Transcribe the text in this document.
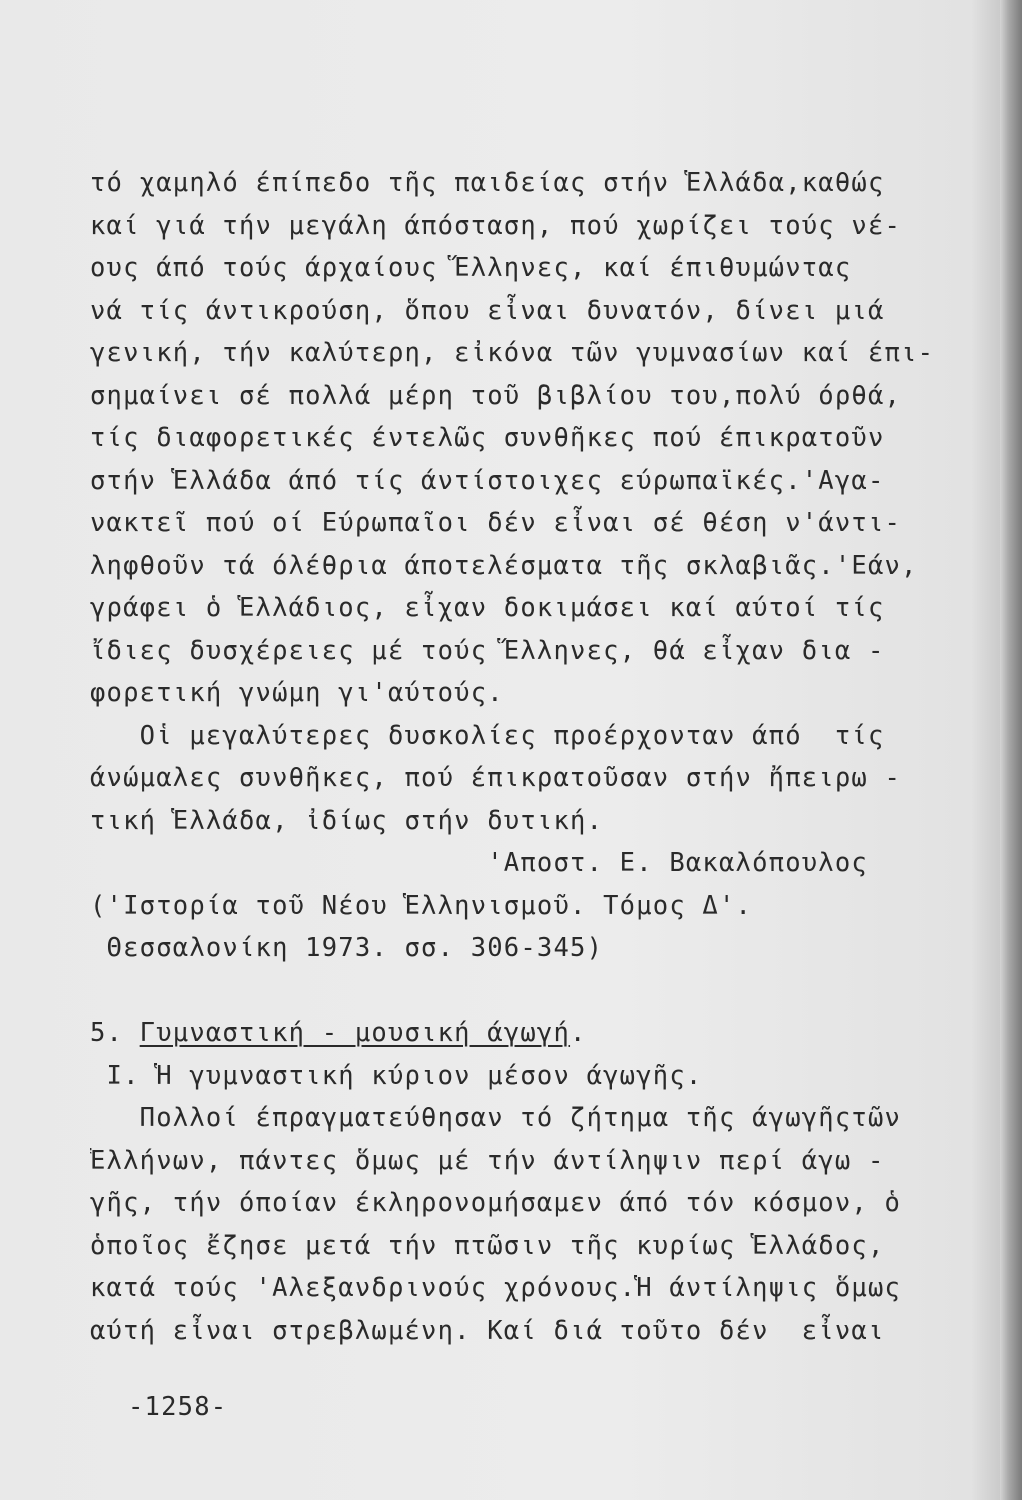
τό χαμηλό έπίπεδο τῆς παιδείας στήν Ἑλλάδα,καθώς
καί γιά τήν μεγάλη άπόσταση, πού χωρίζει τούς νέ-
ους άπό τούς άρχαίους Ἕλληνες, καί έπιθυμώντας
νά τίς άντικρούση, ὅπου εἶναι δυνατόν, δίνει μιά
γενική, τήν καλύτερη, εἰκόνα τῶν γυμνασίων καί έπι-
σημαίνει σέ πολλά μέρη τοῦ βιβλίου του,πολύ όρθά,
τίς διαφορετικές έντελῶς συνθῆκες πού έπικρατοῦν
στήν Ἑλλάδα άπό τίς άντίστοιχες εύρωπαϊκές.'Αγα-
νακτεῖ πού οί Εύρωπαῖοι δέν εἶναι σέ θέση ν'άντι-
ληφθοῦν τά όλέθρια άποτελέσματα τῆς σκλαβιᾶς.'Εάν,
γράφει ὁ Ἑλλάδιος, εἶχαν δοκιμάσει καί αύτοί τίς
ἴδιες δυσχέρειες μέ τούς Ἕλληνες, θά εἶχαν δια -
φορετική γνώμη γι'αύτούς.
Οἱ μεγαλύτερες δυσκολίες προέρχονταν άπό  τίς
άνώμαλες συνθῆκες, πού έπικρατοῦσαν στήν ἤπειρω -
τική Ἑλλάδα, ἰδίως στήν δυτική.
'Αποστ. Ε. Βακαλόπουλος
('Ιστορία τοῦ Νέου Ἑλληνισμοῦ. Τόμος Δ'.
Θεσσαλονίκη 1973. σσ. 306-345)
5. Γυμναστική - μουσική άγωγή.
Ι. Ἡ γυμναστική κύριον μέσον άγωγῆς.
Πολλοί έπραγματεύθησαν τό ζήτημα τῆς άγωγῆςτῶν
Ἑλλήνων, πάντες ὅμως μέ τήν άντίληψιν περί άγω -
γῆς, τήν όποίαν έκληρονομήσαμεν άπό τόν κόσμον, ὁ
ὁποῖος ἔζησε μετά τήν πτῶσιν τῆς κυρίως Ἑλλάδος,
κατά τούς 'Αλεξανδρινούς χρόνους.Ἡ άντίληψις ὅμως
αύτή εἶναι στρεβλωμένη. Καί διά τοῦτο δέν  εἶναι
-1258-
